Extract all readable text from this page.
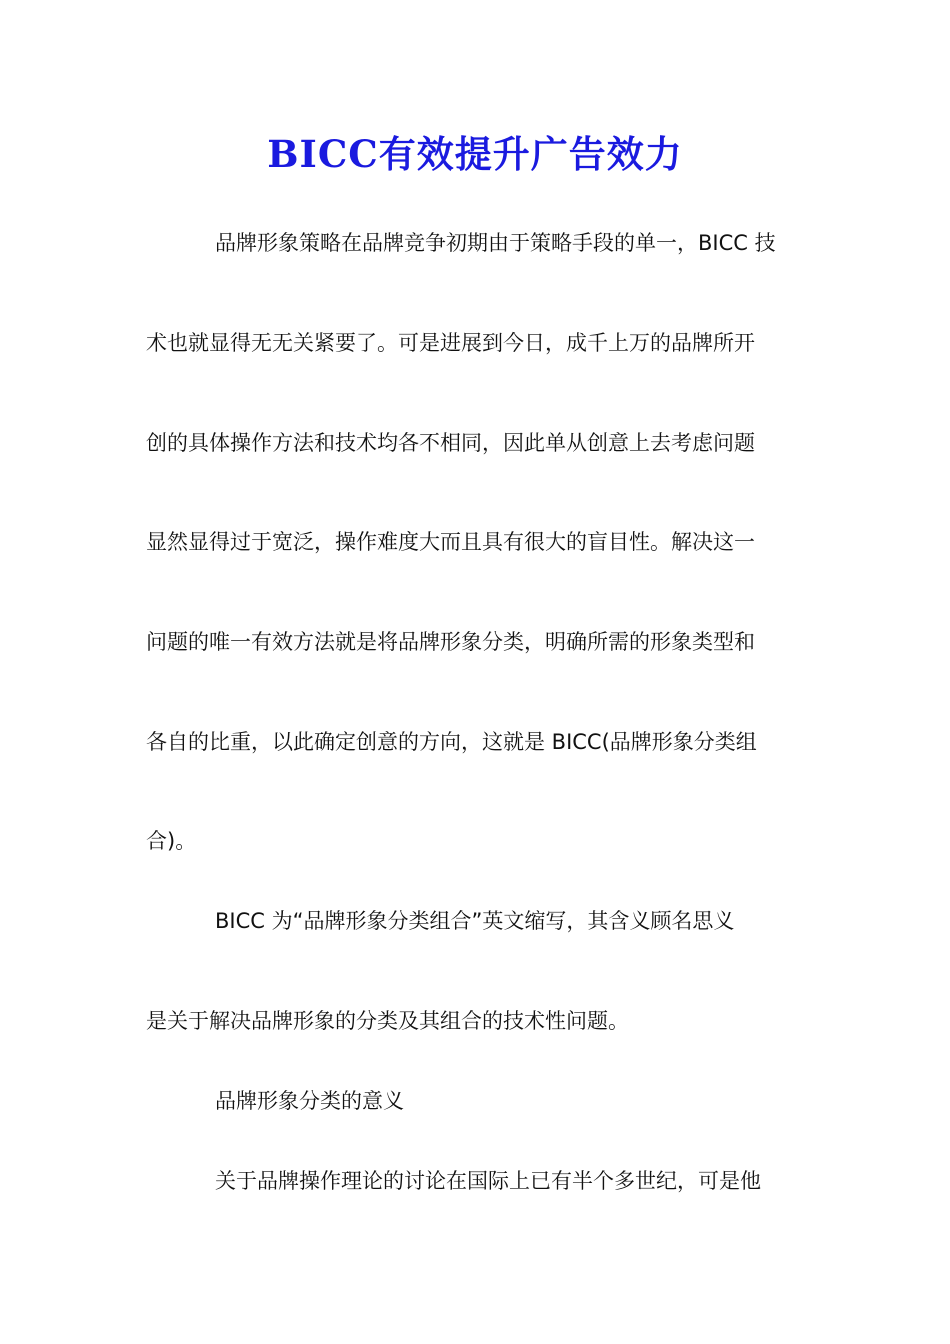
BICC有效提升广告效力
品牌形象策略在品牌竞争初期由于策略手段的单一，BICC 技
术也就显得无无关紧要了。可是进展到今日，成千上万的品牌所开
创的具体操作方法和技术均各不相同，因此单从创意上去考虑问题
显然显得过于宽泛，操作难度大而且具有很大的盲目性。解决这一
问题的唯一有效方法就是将品牌形象分类，明确所需的形象类型和
各自的比重，以此确定创意的方向，这就是 BICC(品牌形象分类组
合)。
BICC 为“品牌形象分类组合”英文缩写，其含义顾名思义
是关于解决品牌形象的分类及其组合的技术性问题。
品牌形象分类的意义
关于品牌操作理论的讨论在国际上已有半个多世纪，可是他
